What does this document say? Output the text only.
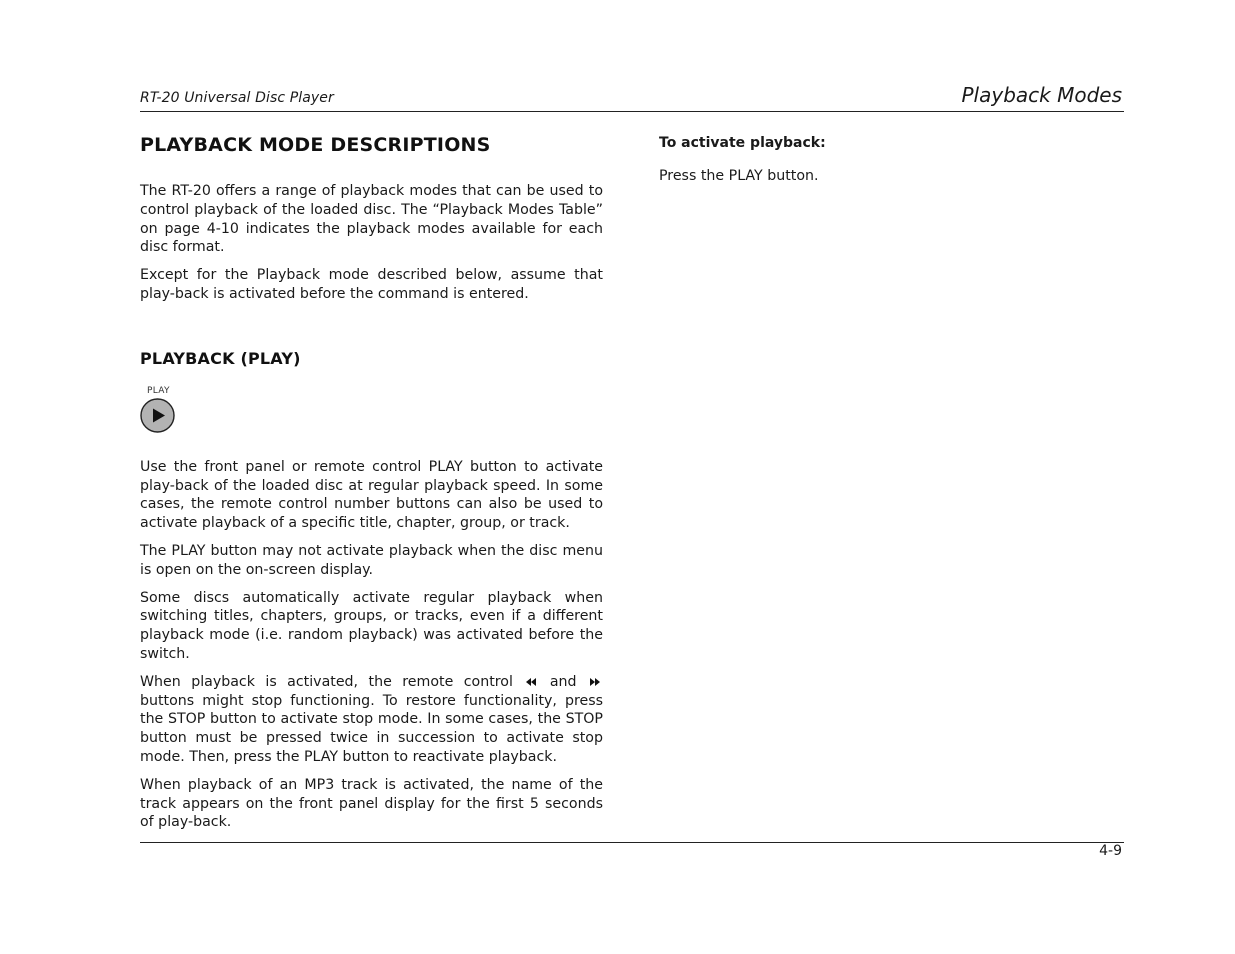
RT-20 Universal Disc Player	Playback Modes
PLAYBACK MODE DESCRIPTIONS

The RT-20 offers a range of playback modes that can be used to control playback of the loaded disc. The “Playback Modes Table” on page 4-10 indicates the playback modes available for each disc format.

Except for the Playback mode described below, assume that play-back is activated before the command is entered.

PLAYBACK (PLAY)
PLAY

Use the front panel or remote control PLAY button to activate play-back of the loaded disc at regular playback speed. In some cases, the remote control number buttons can also be used to activate playback of a specific title, chapter, group, or track.

The PLAY button may not activate playback when the disc menu is open on the on-screen display.

Some discs automatically activate regular playback when switching titles, chapters, groups, or tracks, even if a different playback mode (i.e. random playback) was activated before the switch.

When playback is activated, the remote control	and  buttons might stop functioning. To restore functionality, press the STOP button to activate stop mode. In some cases, the STOP button must be pressed twice in succession to activate stop mode. Then, press the PLAY button to reactivate playback.

When playback of an MP3 track is activated, the name of the track appears on the front panel display for the first 5 seconds of play-back.

To activate playback:

Press the PLAY button.

4-9
